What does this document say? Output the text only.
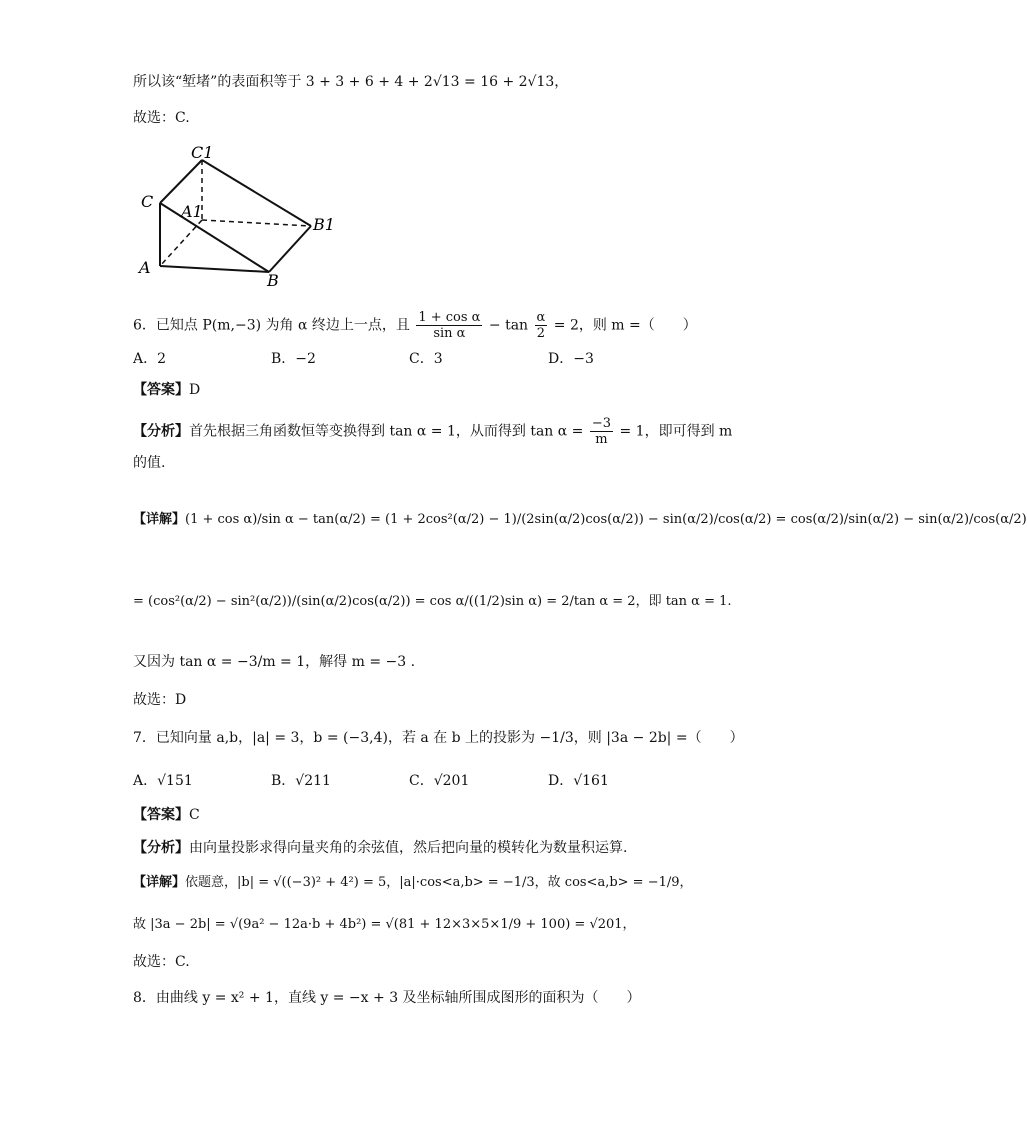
所以该“堑堵”的表面积等于 3 + 3 + 6 + 4 + 2√13 = 16 + 2√13，
故选：C.
C1
C
A1
B1
A
B
6．已知点 P(m,−3) 为角 α 终边上一点，且 $\frac{\text{1 + cos α}}{\text{sin α}} - \tan \frac{\alpha}{2} = 2$，则 m =（　　）
A．2	B．−2	C．3	D．−3
【答案】D
【分析】首先根据三角函数恒等变换得到 tan α = 1，从而得到 $\tan \alpha = \frac{-3}{m} = 1$，即可得到 m
的值.
【详解】(1 + cos α)/sin α − tan(α/2) = (1 + 2cos²(α/2) − 1)/(2sin(α/2)cos(α/2)) − sin(α/2)/cos(α/2) = cos(α/2)/sin(α/2) − sin(α/2)/cos(α/2)
= (cos²(α/2) − sin²(α/2))/(sin(α/2)cos(α/2)) = cos α/((1/2)sin α) = 2/tan α = 2，即 tan α = 1.
又因为 tan α = −3/m = 1，解得 m = −3 .
故选：D
7．已知向量 a,b，|a| = 3，b = (−3,4)，若 a 在 b 上的投影为 −1/3，则 |3a − 2b| =（　　）
A．√151	B．√211	C．√201	D．√161
【答案】C
【分析】由向量投影求得向量夹角的余弦值，然后把向量的模转化为数量积运算.
【详解】依题意，|b| = √((−3)² + 4²) = 5，|a|·cos<a,b> = −1/3，故 cos<a,b> = −1/9，
故 |3a − 2b| = √(9a² − 12a·b + 4b²) = √(81 + 12×3×5×1/9 + 100) = √201，
故选：C.
8．由曲线 y = x² + 1，直线 y = −x + 3 及坐标轴所围成图形的面积为（　　）
